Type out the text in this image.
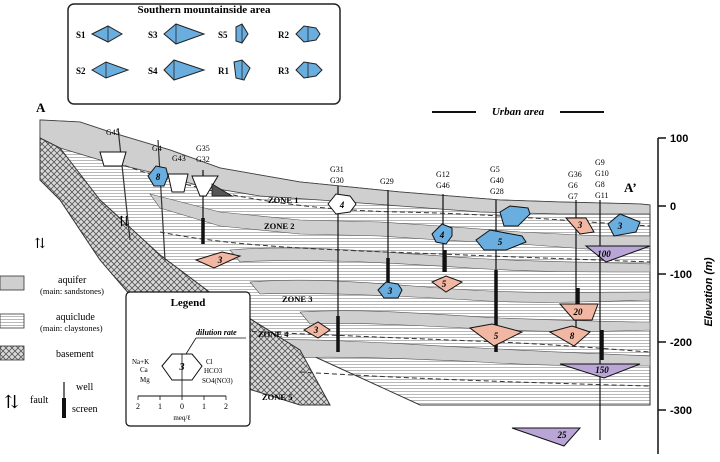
Southern mountainside area
S1
S2
S3
S4
S5
R1
R2
R3
A
A’
Urban area
⇅
⇅
ZONE 1
ZONE 2
ZONE 3
ZONE 4
ZONE 5
G45
G4
G43
G35
G32
G31
G30	G29
G12
G46
G5
G40
G28
G36
G6
G7
G9
G10
G8
G11
8
3
4
4
5
3
5
3
5
3
8
3
100
20
150
25
100
0
-100
-200
-300
Elevation (m)
aquifer
(main: sandstones)
aquiclude
(main: claystones)
basement
⇅ fault
well
screen
Legend
dilution rate
3
Na+K
Ca
Mg
Cl
HCO3
SO4(NO3)
2 1 0 1 2
meq/ℓ
